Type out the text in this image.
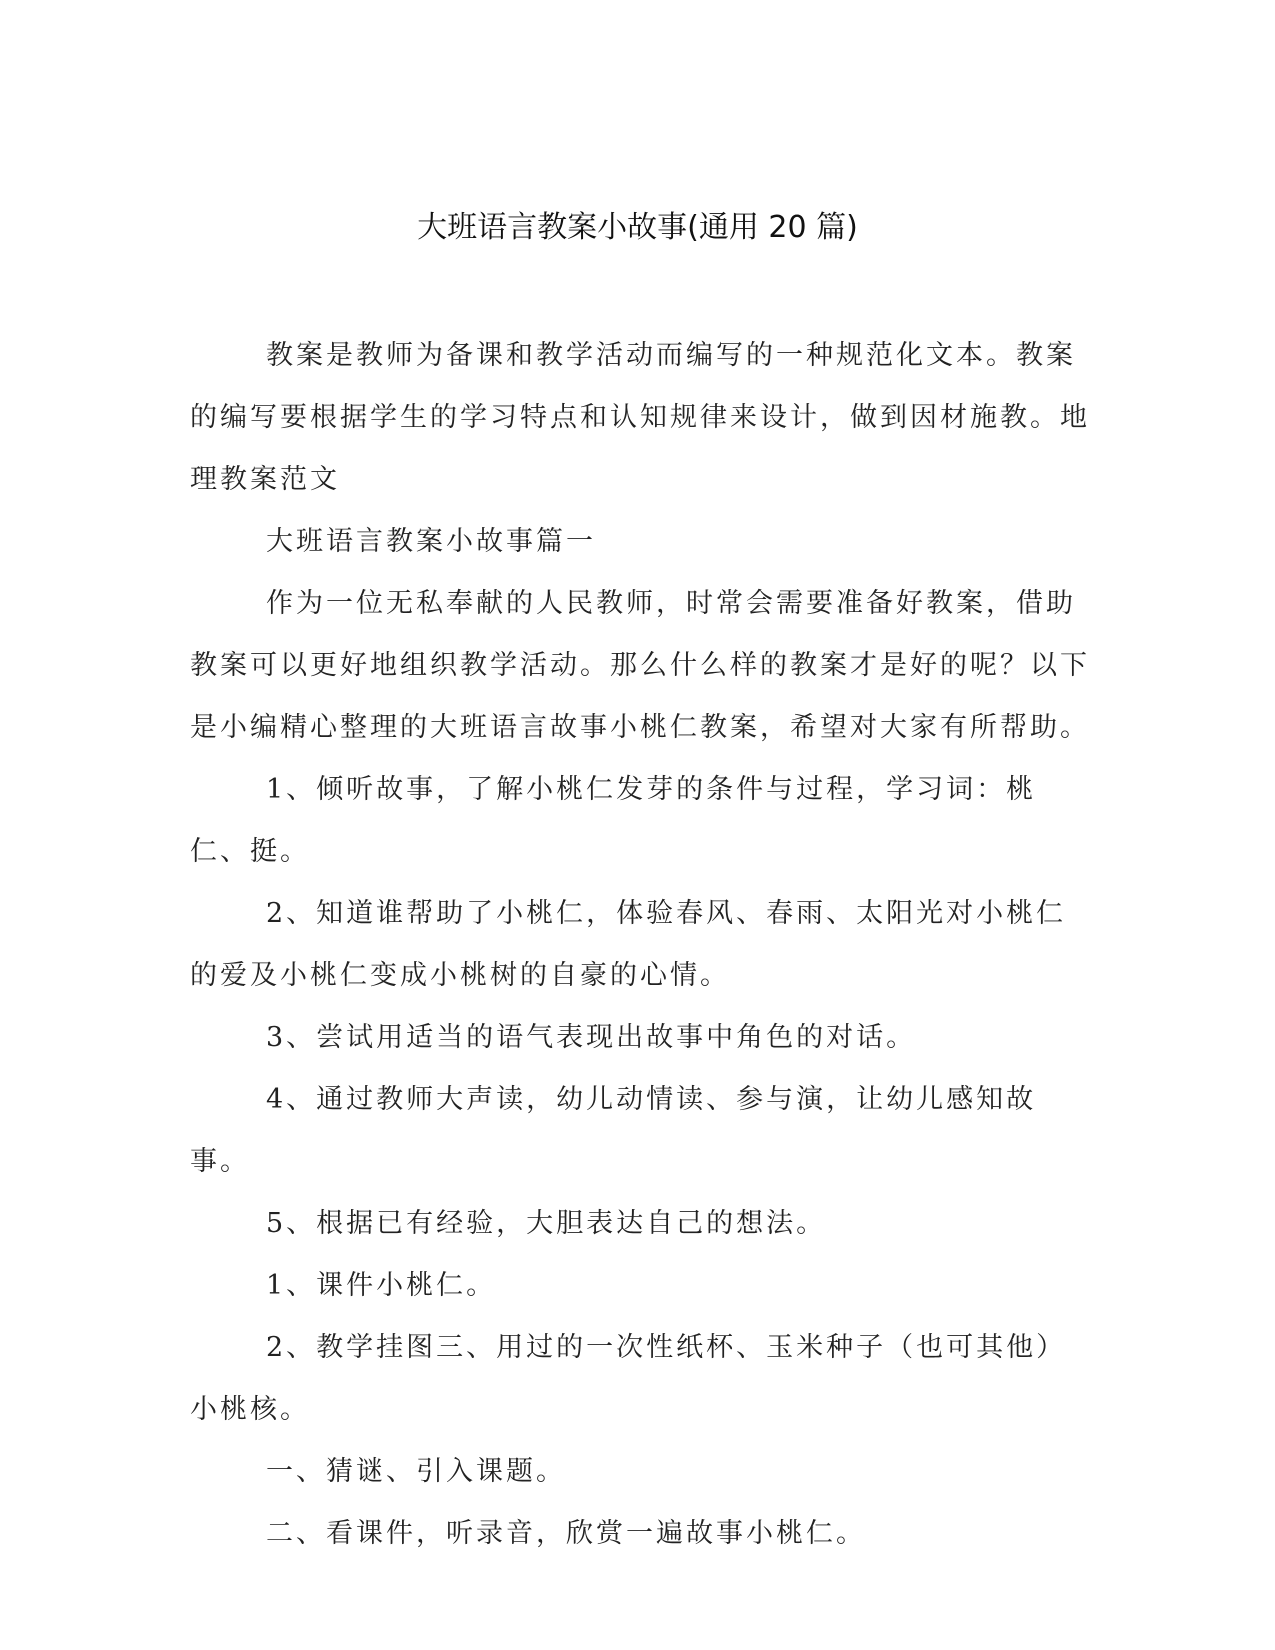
大班语言教案小故事(通用 20 篇)

教案是教师为备课和教学活动而编写的一种规范化文本。教案的编写要根据学生的学习特点和认知规律来设计，做到因材施教。地理教案范文

大班语言教案小故事篇一

作为一位无私奉献的人民教师，时常会需要准备好教案，借助教案可以更好地组织教学活动。那么什么样的教案才是好的呢？以下是小编精心整理的大班语言故事小桃仁教案，希望对大家有所帮助。

1、倾听故事，了解小桃仁发芽的条件与过程，学习词：桃仁、挺。

2、知道谁帮助了小桃仁，体验春风、春雨、太阳光对小桃仁的爱及小桃仁变成小桃树的自豪的心情。

3、尝试用适当的语气表现出故事中角色的对话。

4、通过教师大声读，幼儿动情读、参与演，让幼儿感知故事。

5、根据已有经验，大胆表达自己的想法。

1、课件小桃仁。

2、教学挂图三、用过的一次性纸杯、玉米种子（也可其他）小桃核。

一、猜谜、引入课题。

二、看课件，听录音，欣赏一遍故事小桃仁。
